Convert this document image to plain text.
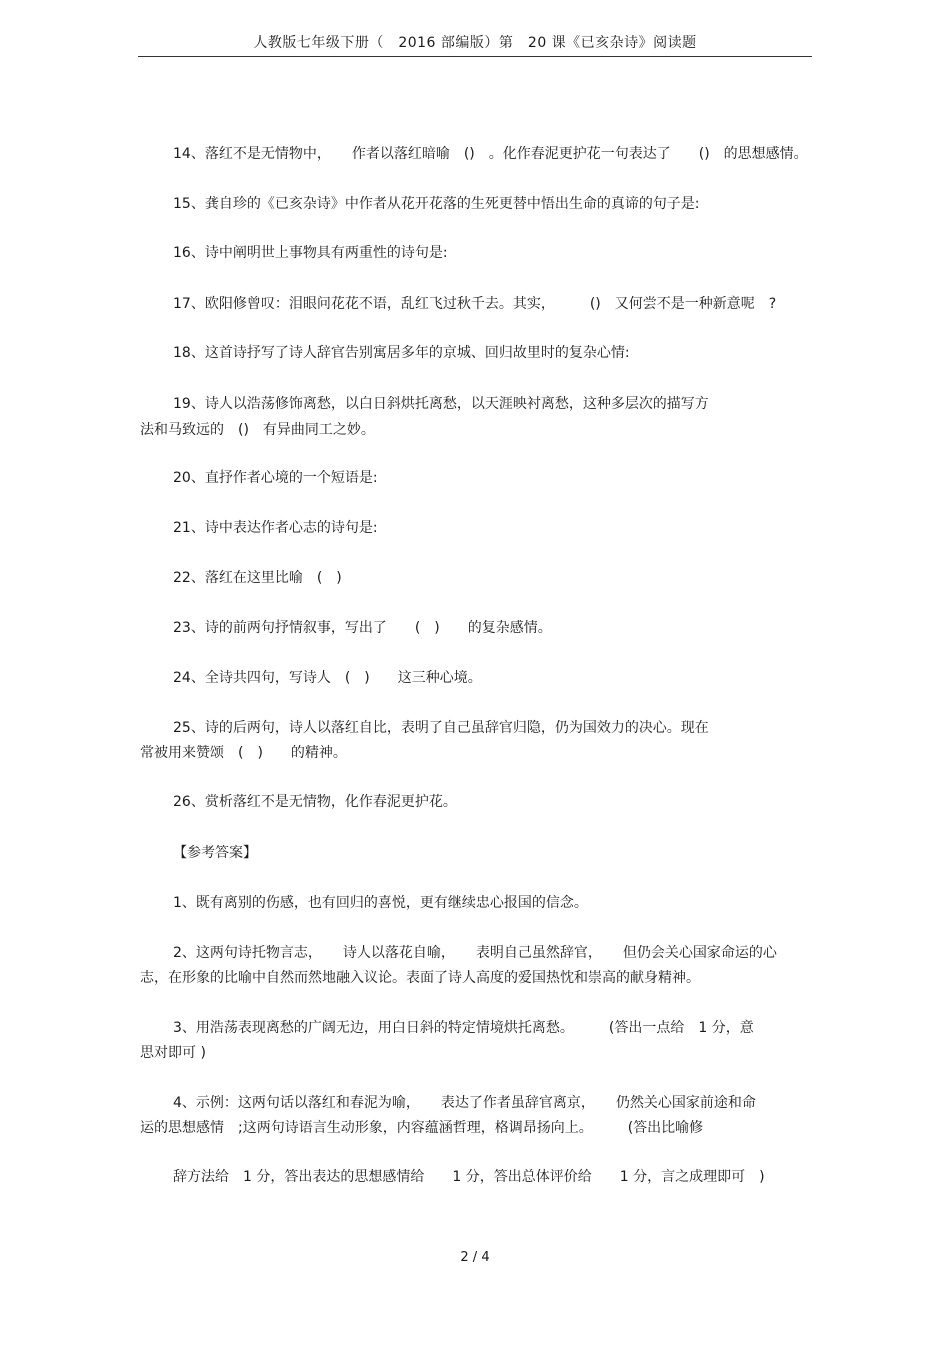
人教版七年级下册（　2016 部编版）第　20 课《已亥杂诗》阅读题
14、落红不是无情物中，　　作者以落红暗喻　()　。化作春泥更护花一句表达了　　()　的思想感情。
15、龚自珍的《已亥杂诗》中作者从花开花落的生死更替中悟出生命的真谛的句子是:
16、诗中阐明世上事物具有两重性的诗句是:
17、欧阳修曾叹：泪眼问花花不语，乱红飞过秋千去。其实，　　　()　又何尝不是一种新意呢　?
18、这首诗抒写了诗人辞官告别寓居多年的京城、回归故里时的复杂心情:
19、诗人以浩荡修饰离愁，以白日斜烘托离愁，以天涯映衬离愁，这种多层次的描写方
法和马致远的　()　有异曲同工之妙。
20、直抒作者心境的一个短语是:
21、诗中表达作者心志的诗句是:
22、落红在这里比喻　(　)
23、诗的前两句抒情叙事，写出了　　(　)　　的复杂感情。
24、全诗共四句，写诗人　(　)　　这三种心境。
25、诗的后两句，诗人以落红自比，表明了自己虽辞官归隐，仍为国效力的决心。现在
常被用来赞颂　(　)　　的精神。
26、赏析落红不是无情物，化作春泥更护花。
【参考答案】
1、既有离别的伤感，也有回归的喜悦，更有继续忠心报国的信念。
2、这两句诗托物言志，　　诗人以落花自喻，　　表明自己虽然辞官，　　但仍会关心国家命运的心
志，在形象的比喻中自然而然地融入议论。表面了诗人高度的爱国热忱和崇高的献身精神。
3、用浩荡表现离愁的广阔无边，用白日斜的特定情境烘托离愁。　　　(答出一点给　1 分，意
思对即可 )
4、示例：这两句话以落红和春泥为喻，　　表达了作者虽辞官离京，　　仍然关心国家前途和命
运的思想感情　;这两句诗语言生动形象，内容蕴涵哲理，格调昂扬向上。　　　(答出比喻修
辞方法给　1 分，答出表达的思想感情给　　1 分，答出总体评价给　　1 分，言之成理即可　)
2 / 4
